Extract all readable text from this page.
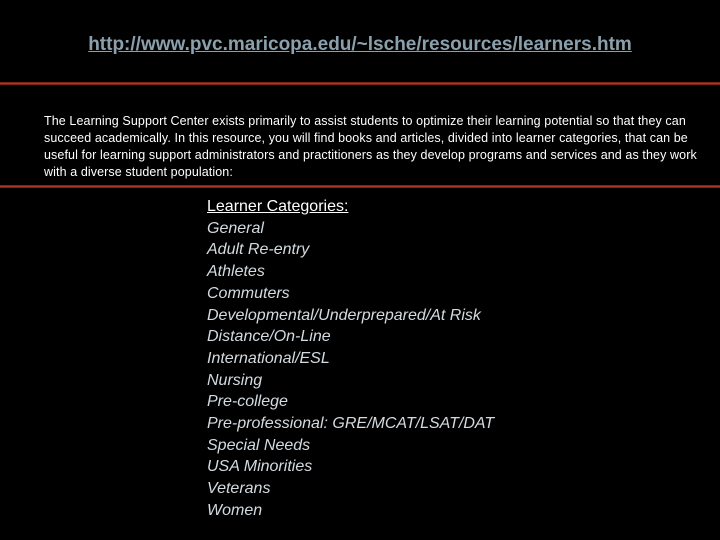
http://www.pvc.maricopa.edu/~lsche/resources/learners.htm

The Learning Support Center exists primarily to assist students to optimize their learning potential so that they can succeed academically. In this resource, you will find books and articles, divided into learner categories, that can be useful for learning support administrators and practitioners as they develop programs and services and as they work with a diverse student population:

Learner Categories:
General
Adult Re-entry
Athletes
Commuters
Developmental/Underprepared/At Risk
Distance/On-Line
International/ESL
Nursing
Pre-college
Pre-professional: GRE/MCAT/LSAT/DAT
Special Needs
USA Minorities
Veterans
Women
